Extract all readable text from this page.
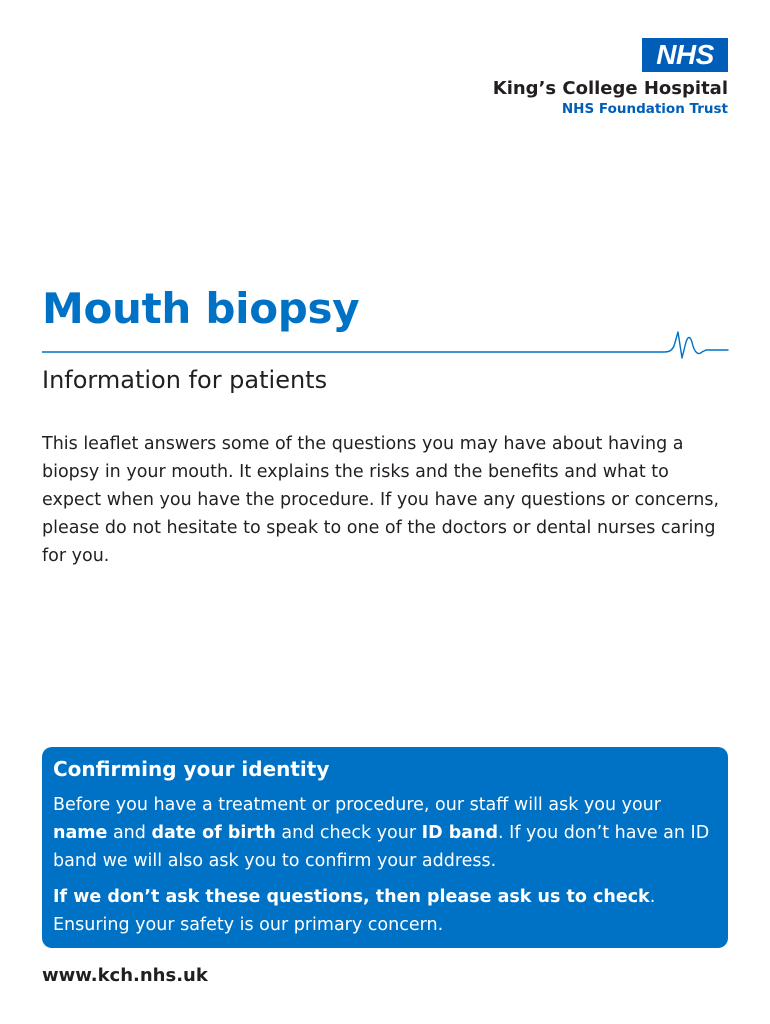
NHS
King’s College Hospital
NHS Foundation Trust
Mouth biopsy
Information for patients

This leaflet answers some of the questions you may have about having a biopsy in your mouth. It explains the risks and the benefits and what to expect when you have the procedure. If you have any questions or concerns, please do not hesitate to speak to one of the doctors or dental nurses caring for you.

Confirming your identity

Before you have a treatment or procedure, our staff will ask you your name and date of birth and check your ID band. If you don’t have an ID band we will also ask you to confirm your address.

If we don’t ask these questions, then please ask us to check. Ensuring your safety is our primary concern.

www.kch.nhs.uk
